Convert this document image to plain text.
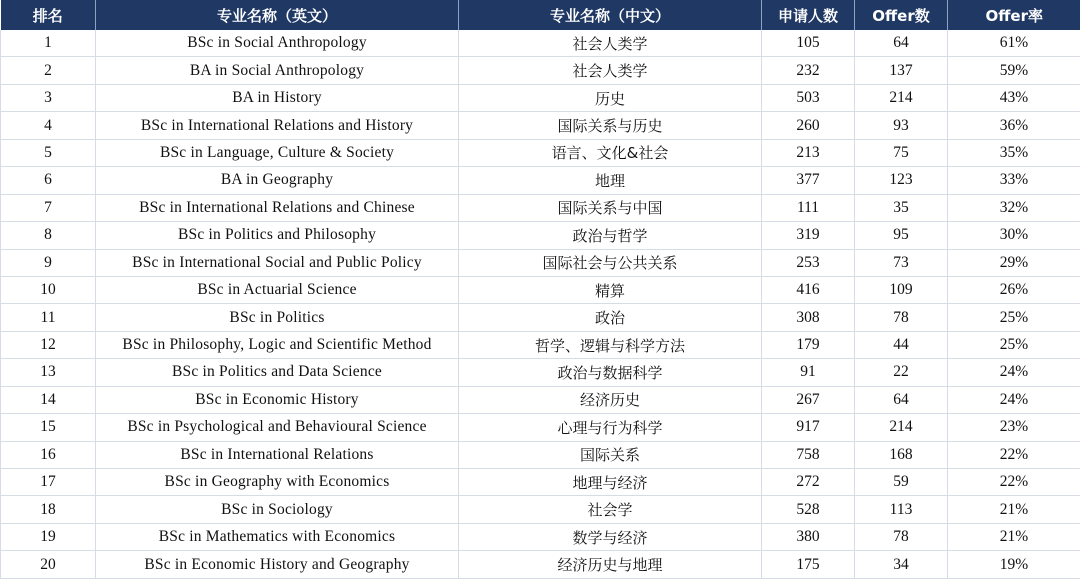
排名	专业名称（英文）	专业名称（中文）	申请人数	Offer数	Offer率
1	BSc in Social Anthropology	社会人类学	105	64	61%
2	BA in Social Anthropology	社会人类学	232	137	59%
3	BA in History	历史	503	214	43%
4	BSc in International Relations and History	国际关系与历史	260	93	36%
5	BSc in Language, Culture & Society	语言、文化&社会	213	75	35%
6	BA in Geography	地理	377	123	33%
7	BSc in International Relations and Chinese	国际关系与中国	111	35	32%
8	BSc in Politics and Philosophy	政治与哲学	319	95	30%
9	BSc in International Social and Public Policy	国际社会与公共关系	253	73	29%
10	BSc in Actuarial Science	精算	416	109	26%
11	BSc in Politics	政治	308	78	25%
12	BSc in Philosophy, Logic and Scientific Method	哲学、逻辑与科学方法	179	44	25%
13	BSc in Politics and Data Science	政治与数据科学	91	22	24%
14	BSc in Economic History	经济历史	267	64	24%
15	BSc in Psychological and Behavioural Science	心理与行为科学	917	214	23%
16	BSc in International Relations	国际关系	758	168	22%
17	BSc in Geography with Economics	地理与经济	272	59	22%
18	BSc in Sociology	社会学	528	113	21%
19	BSc in Mathematics with Economics	数学与经济	380	78	21%
20	BSc in Economic History and Geography	经济历史与地理	175	34	19%
